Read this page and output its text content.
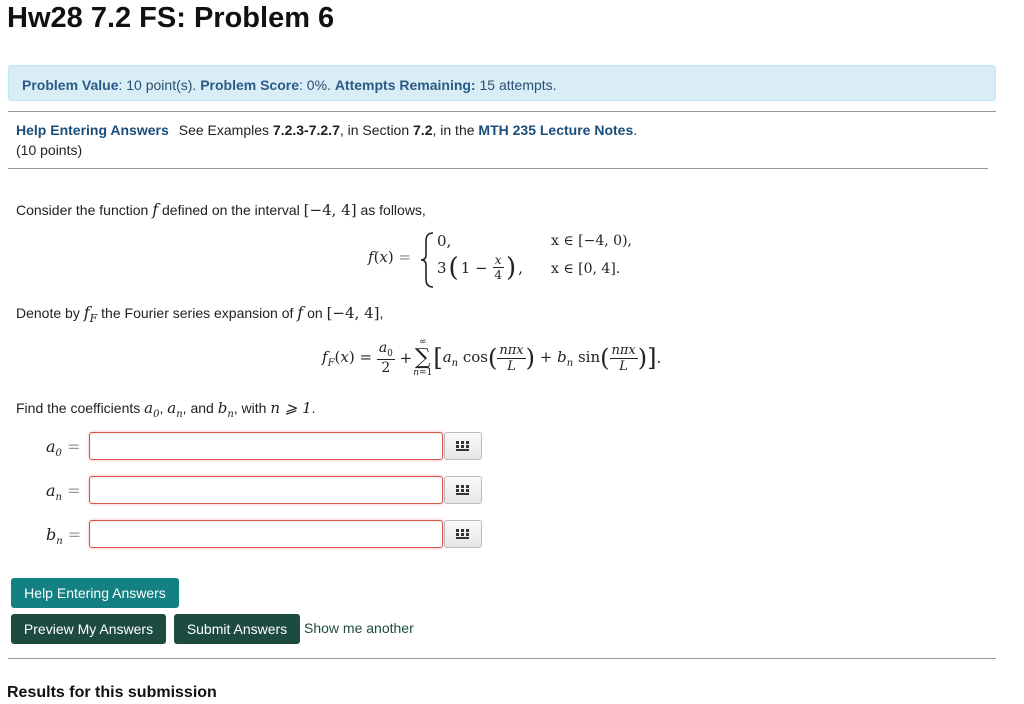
Hw28 7.2 FS: Problem 6
Problem Value: 10 point(s). Problem Score: 0%. Attempts Remaining: 15 attempts.
Help Entering Answers See Examples 7.2.3-7.2.7, in Section 7.2, in the MTH 235 Lecture Notes.
(10 points)
Consider the function f defined on the interval [−4, 4] as follows,
f(x) =
0,
3 ( $1 - \frac{x}{4}$ ) ,
x ∈ [−4, 0),
x ∈ [0, 4].
Denote by $f_F$ the Fourier series expansion of f on [−4, 4],
$f_F(x) = \frac{a_0}{2}$ +
∞
∑
n=1
[ $a_n$ cos ( $\frac{\text{nπx}}{L}$ ) + $b_n$ sin ( $\frac{\text{nπx}}{L}$ ) ] .
Find the coefficients $a_0$, $a_n$, and $b_n$, with n ⩾ 1.
$a_0$ =
$a_n$ =
$b_n$ =
Help Entering Answers
Preview My Answers	Submit Answers	Show me another
Results for this submission
